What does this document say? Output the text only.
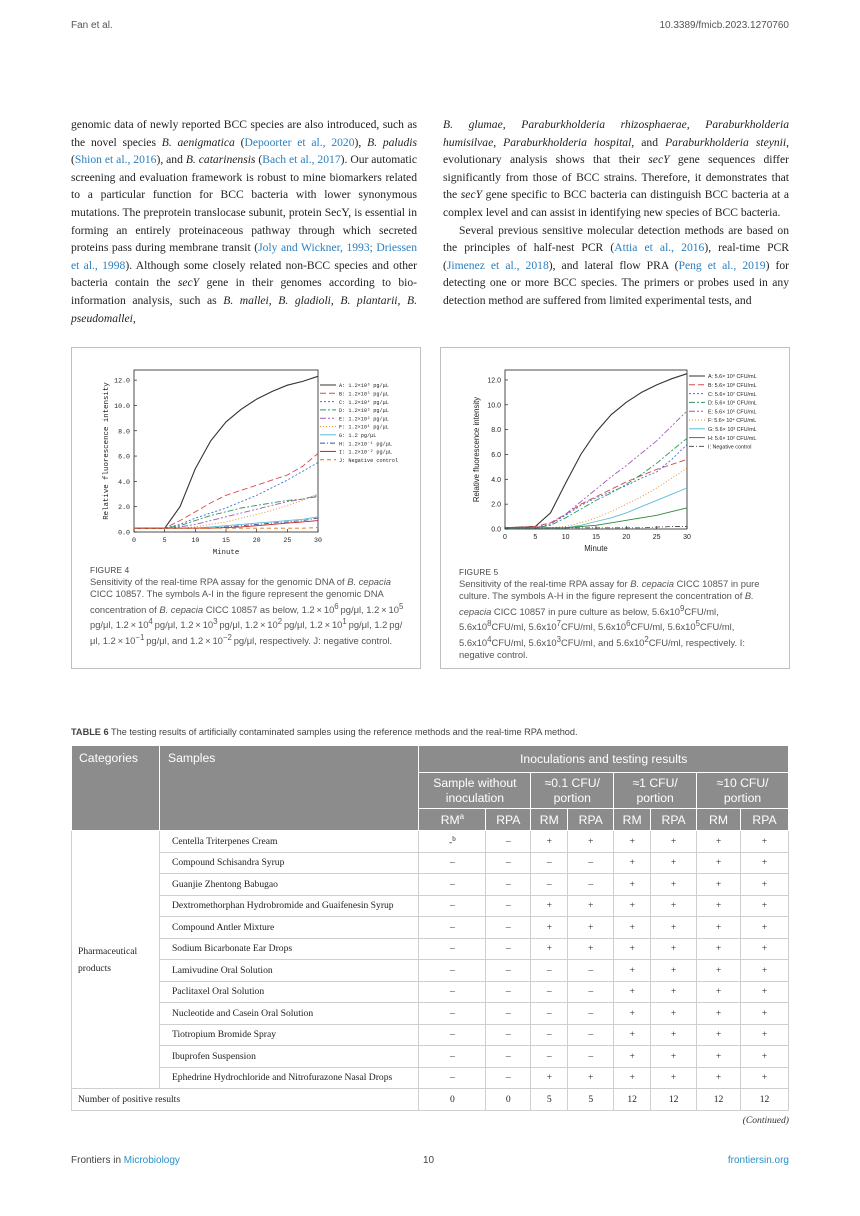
Fan et al.	10.3389/fmicb.2023.1270760

genomic data of newly reported BCC species are also introduced, such as the novel species B. aenigmatica (Depoorter et al., 2020), B. paludis (Shion et al., 2016), and B. catarinensis (Bach et al., 2017). Our automatic screening and evaluation framework is robust to mine biomarkers related to a particular function for BCC bacteria with lower synonymous mutations. The preprotein translocase subunit, protein SecY, is essential in forming an entirely proteinaceous pathway through which secreted proteins pass during membrane transit (Joly and Wickner, 1993; Driessen et al., 1998). Although some closely related non-BCC species and other bacteria contain the secY gene in their genomes according to bio-information analysis, such as B. mallei, B. gladioli, B. plantarii, B. pseudomallei,

B. glumae, Paraburkholderia rhizosphaerae, Paraburkholderia humisilvae, Paraburkholderia hospital, and Paraburkholderia steynii, evolutionary analysis shows that their secY gene sequences differ significantly from those of BCC strains. Therefore, it demonstrates that the secY gene specific to BCC bacteria can distinguish BCC bacteria at a complex level and can assist in identifying new species of BCC bacteria.

Several previous sensitive molecular detection methods are based on the principles of half-nest PCR (Attia et al., 2016), real-time PCR (Jimenez et al., 2018), and lateral flow PRA (Peng et al., 2019) for detecting one or more BCC species. The primers or probes used in any detection method are suffered from limited experimental tests, and

0	5	10	15	20	25	30
0.0
2.0
4.0
6.0
8.0
10.0
12.0
Minute
Relative fluorescence intensity	A: 1.2×10⁶ pg/μL
B: 1.2×10⁵ pg/μL
C: 1.2×10⁴ pg/μL
D: 1.2×10³ pg/μL
E: 1.2×10² pg/μL
F: 1.2×10¹ pg/μL
G: 1.2 pg/μL
H: 1.2×10⁻¹ pg/μL
I: 1.2×10⁻² pg/μL
J: Negative control
FIGURE 4
Sensitivity of the real-time RPA assay for the genomic DNA of B. cepacia CICC 10857. The symbols A-I in the figure represent the genomic DNA concentration of B. cepacia CICC 10857 as below, $1.2 \times 10^6$ pg/μl, $1.2 \times 10^5$ pg/μl, $1.2 \times 10^4$ pg/μl, $1.2 \times 10^3$ pg/μl, $1.2 \times 10^2$ pg/μl, $1.2 \times 10^1$ pg/μl, 1.2 pg/μl, $1.2 \times 10^{-1}$ pg/μl, and $1.2 \times 10^{-2}$ pg/μl, respectively. J: negative control.
0	5	10	15	20	25	30
0.0
2.0
4.0
6.0
8.0
10.0
12.0
Minute
Relative fluorescence intensity
A: 5.6× 10⁹ CFU/mL
B: 5.6× 10⁸ CFU/mL
C: 5.6× 10⁷ CFU/mL
D: 5.6× 10⁶ CFU/mL
E: 5.6× 10⁵ CFU/mL
F: 5.6× 10⁴ CFU/mL
G: 5.6× 10³ CFU/mL
H: 5.6× 10² CFU/mL
I: Negative control
FIGURE 5
Sensitivity of the real-time RPA assay for B. cepacia CICC 10857 in pure culture. The symbols A-H in the figure represent the concentration of B. cepacia CICC 10857 in pure culture as below, $5.6x10^9CFU/ml$, $5.6x10^8CFU/ml$, $5.6x10^7CFU/ml$, $5.6x10^6CFU/ml$, $5.6x10^5CFU/ml$, $5.6x10^4CFU/ml$, $5.6x10^3CFU/ml$, and $5.6x10^2CFU/ml$, respectively. I: negative control.
TABLE 6 The testing results of artificially contaminated samples using the reference methods and the real-time RPA method.
Categories	Samples	Inoculations and testing results							
		Sample without inoculation		≈0.1 CFU/ portion		≈1 CFU/ portion		≈10 CFU/ portion	
		$RM^a$	RPA	RM	RPA	RM	RPA	RM	RPA
Pharmaceutical products	Centella Triterpenes Cream	-$^b$	–	+	+	+	+	+	+
	Compound Schisandra Syrup	–	–	–	–	+	+	+	+
	Guanjie Zhentong Babugao	–	–	–	–	+	+	+	+
	Dextromethorphan Hydrobromide and Guaifenesin Syrup	–	–	+	+	+	+	+	+
	Compound Antler Mixture	–	–	+	+	+	+	+	+
	Sodium Bicarbonate Ear Drops	–	–	+	+	+	+	+	+
	Lamivudine Oral Solution	–	–	–	–	+	+	+	+
	Paclitaxel Oral Solution	–	–	–	–	+	+	+	+
	Nucleotide and Casein Oral Solution	–	–	–	–	+	+	+	+
	Tiotropium Bromide Spray	–	–	–	–	+	+	+	+
	Ibuprofen Suspension	–	–	–	–	+	+	+	+
	Ephedrine Hydrochloride and Nitrofurazone Nasal Drops	–	–	+	+	+	+	+	+
Number of positive results		0	0	5	5	12	12	12	12
(Continued)
Frontiers in Microbiology	10	frontiersin.org
